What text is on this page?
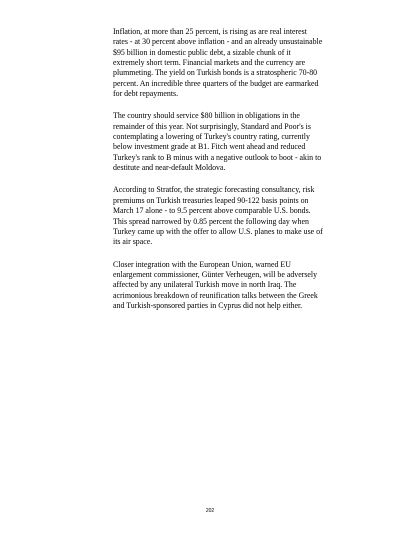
Inflation, at more than 25 percent, is rising as are real interest rates - at 30 percent above inflation - and an already unsustainable $95 billion in domestic public debt, a sizable chunk of it extremely short term. Financial markets and the currency are plummeting. The yield on Turkish bonds is a stratospheric 70-80 percent. An incredible three quarters of the budget are earmarked for debt repayments.

The country should service $80 billion in obligations in the remainder of this year. Not surprisingly, Standard and Poor's is contemplating a lowering of Turkey's country rating, currently below investment grade at B1. Fitch went ahead and reduced Turkey's rank to B minus with a negative outlook to boot - akin to destitute and near-default Moldova.

According to Stratfor, the strategic forecasting consultancy, risk premiums on Turkish treasuries leaped 90-122 basis points on March 17 alone - to 9.5 percent above comparable U.S. bonds. This spread narrowed by 0.85 percent the following day when Turkey came up with the offer to allow U.S. planes to make use of its air space.

Closer integration with the European Union, warned EU enlargement commissioner, Günter Verheugen, will be adversely affected by any unilateral Turkish move in north Iraq. The acrimonious breakdown of reunification talks between the Greek and Turkish-sponsored parties in Cyprus did not help either.

202
